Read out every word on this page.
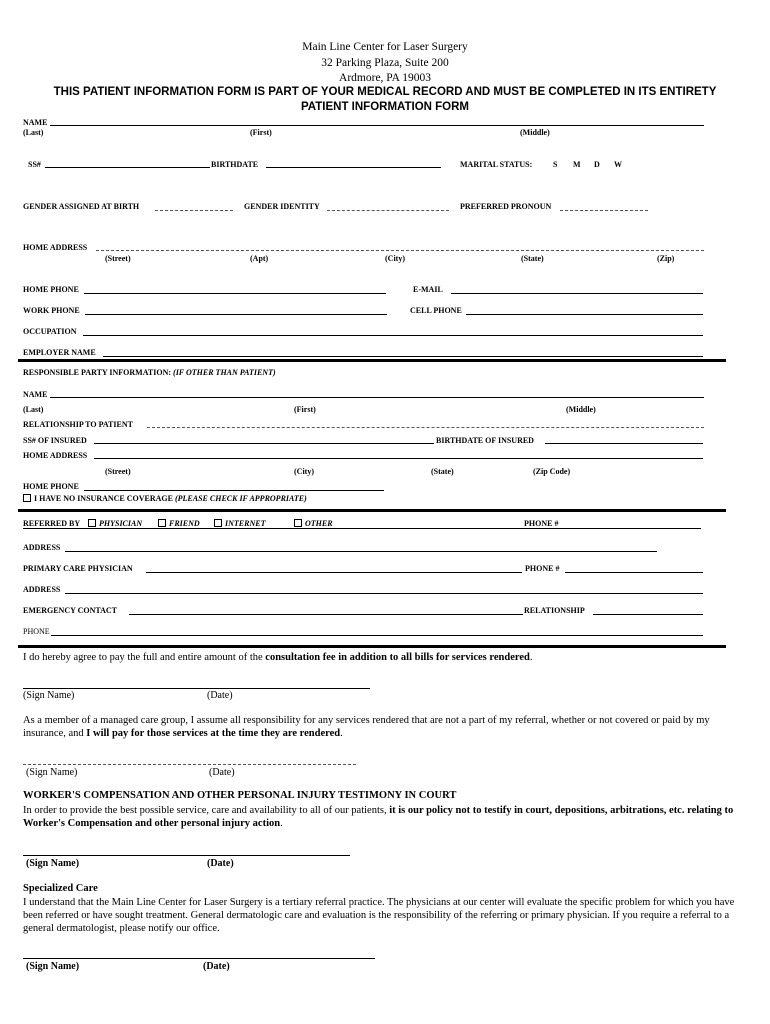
Main Line Center for Laser Surgery
32 Parking Plaza, Suite 200
Ardmore, PA 19003
THIS PATIENT INFORMATION FORM IS PART OF YOUR MEDICAL RECORD AND MUST BE COMPLETED IN ITS ENTIRETY
PATIENT INFORMATION FORM
NAME
(Last)	(First)	(Middle)
SS#	BIRTHDATE	MARITAL STATUS:	S M D W
GENDER ASSIGNED AT BIRTH	GENDER IDENTITY	PREFERRED PRONOUN
HOME ADDRESS
(Street)	(Apt)	(City)	(State)	(Zip)
HOME PHONE	E-MAIL
WORK PHONE	CELL PHONE
OCCUPATION
EMPLOYER NAME
RESPONSIBLE PARTY INFORMATION: (IF OTHER THAN PATIENT)
NAME
(Last)	(First)	(Middle)
RELATIONSHIP TO PATIENT
SS# OF INSURED	BIRTHDATE OF INSURED
HOME ADDRESS
(Street)	(City)	(State)	(Zip Code)
HOME PHONE
I HAVE NO INSURANCE COVERAGE (PLEASE CHECK IF APPROPRIATE)
REFERRED BY	PHYSICIAN	FRIEND	INTERNET	OTHER	PHONE #
ADDRESS
PRIMARY CARE PHYSICIAN	PHONE #
ADDRESS
EMERGENCY CONTACT	RELATIONSHIP
PHONE
I do hereby agree to pay the full and entire amount of the consultation fee in addition to all bills for services rendered.
(Sign Name)	(Date)
As a member of a managed care group, I assume all responsibility for any services rendered that are not a part of my referral, whether or not covered or paid by my insurance, and I will pay for those services at the time they are rendered.
(Sign Name)	(Date)
WORKER'S COMPENSATION AND OTHER PERSONAL INJURY TESTIMONY IN COURT
In order to provide the best possible service, care and availability to all of our patients, it is our policy not to testify in court, depositions, arbitrations, etc. relating to Worker's Compensation and other personal injury action.
(Sign Name)	(Date)
Specialized Care
I understand that the Main Line Center for Laser Surgery is a tertiary referral practice. The physicians at our center will evaluate the specific problem for which you have been referred or have sought treatment. General dermatologic care and evaluation is the responsibility of the referring or primary physician. If you require a referral to a general dermatologist, please notify our office.
(Sign Name)	(Date)
